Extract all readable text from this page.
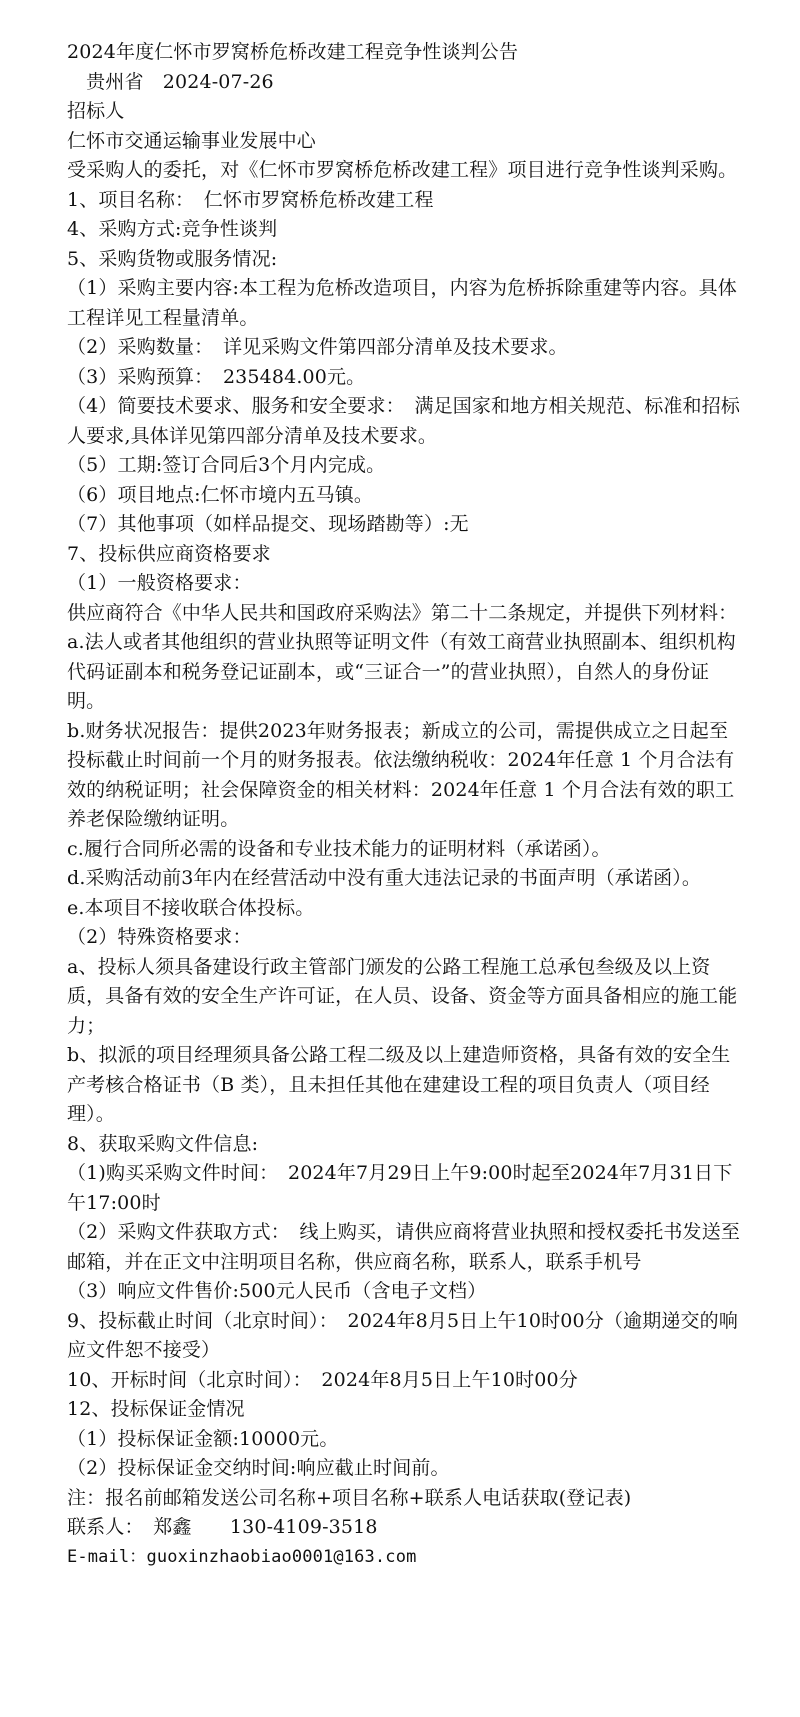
2024年度仁怀市罗窝桥危桥改建工程竞争性谈判公告
　贵州省　2024-07-26
招标人
仁怀市交通运输事业发展中心
受采购人的委托，对《仁怀市罗窝桥危桥改建工程》项目进行竞争性谈判采购。
1、项目名称：　仁怀市罗窝桥危桥改建工程
4、采购方式:竞争性谈判
5、采购货物或服务情况:
（1）采购主要内容:本工程为危桥改造项目，内容为危桥拆除重建等内容。具体工程详见工程量清单。
（2）采购数量：　详见采购文件第四部分清单及技术要求。
（3）采购预算：　235484.00元。
（4）简要技术要求、服务和安全要求：　满足国家和地方相关规范、标准和招标人要求,具体详见第四部分清单及技术要求。
（5）工期:签订合同后3个月内完成。
（6）项目地点:仁怀市境内五马镇。
（7）其他事项（如样品提交、现场踏勘等）:无
7、投标供应商资格要求
（1）一般资格要求：
供应商符合《中华人民共和国政府采购法》第二十二条规定，并提供下列材料：
a.法人或者其他组织的营业执照等证明文件（有效工商营业执照副本、组织机构代码证副本和税务登记证副本，或“三证合一”的营业执照），自然人的身份证明。
b.财务状况报告：提供2023年财务报表；新成立的公司，需提供成立之日起至投标截止时间前一个月的财务报表。依法缴纳税收：2024年任意 1 个月合法有效的纳税证明；社会保障资金的相关材料：2024年任意 1 个月合法有效的职工养老保险缴纳证明。
c.履行合同所必需的设备和专业技术能力的证明材料（承诺函）。
d.采购活动前3年内在经营活动中没有重大违法记录的书面声明（承诺函）。
e.本项目不接收联合体投标。
（2）特殊资格要求：
a、投标人须具备建设行政主管部门颁发的公路工程施工总承包叁级及以上资质，具备有效的安全生产许可证，在人员、设备、资金等方面具备相应的施工能力；
b、拟派的项目经理须具备公路工程二级及以上建造师资格，具备有效的安全生产考核合格证书（B 类），且未担任其他在建建设工程的项目负责人（项目经理）。
8、获取采购文件信息:
（1)购买采购文件时间：　2024年7月29日上午9:00时起至2024年7月31日下午17:00时
（2）采购文件获取方式：　线上购买，请供应商将营业执照和授权委托书发送至邮箱，并在正文中注明项目名称，供应商名称，联系人，联系手机号
（3）响应文件售价:500元人民币（含电子文档）
9、投标截止时间（北京时间）：　2024年8月5日上午10时00分（逾期递交的响应文件恕不接受）
10、开标时间（北京时间）：　2024年8月5日上午10时00分
12、投标保证金情况
（1）投标保证金额:10000元。
（2）投标保证金交纳时间:响应截止时间前。
注：报名前邮箱发送公司名称+项目名称+联系人电话获取(登记表)
联系人：　郑鑫　　130-4109-3518
E-mail：guoxinzhaobiao0001@163.com
